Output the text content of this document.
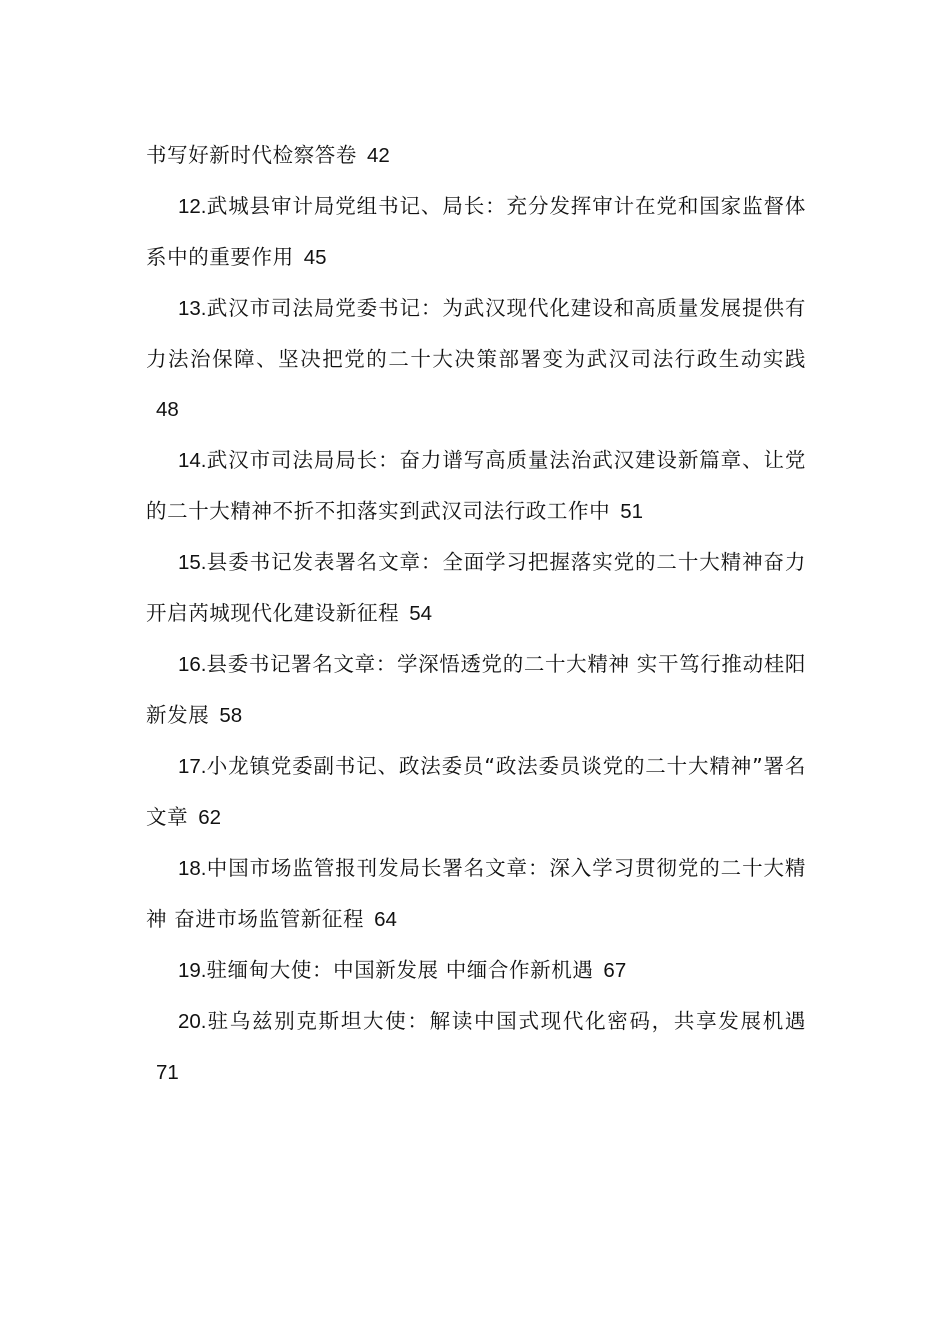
书写好新时代检察答卷 42

12.武城县审计局党组书记、局长：充分发挥审计在党和国家监督体系中的重要作用 45

13.武汉市司法局党委书记：为武汉现代化建设和高质量发展提供有力法治保障、坚决把党的二十大决策部署变为武汉司法行政生动实践48

14.武汉市司法局局长：奋力谱写高质量法治武汉建设新篇章、让党的二十大精神不折不扣落实到武汉司法行政工作中 51

15.县委书记发表署名文章：全面学习把握落实党的二十大精神奋力开启芮城现代化建设新征程 54

16.县委书记署名文章：学深悟透党的二十大精神 实干笃行推动桂阳新发展 58

17.小龙镇党委副书记、政法委员“政法委员谈党的二十大精神”署名文章 62

18.中国市场监管报刊发局长署名文章：深入学习贯彻党的二十大精神 奋进市场监管新征程 64

19.驻缅甸大使：中国新发展 中缅合作新机遇 67

20.驻乌兹别克斯坦大使：解读中国式现代化密码，共享发展机遇71
